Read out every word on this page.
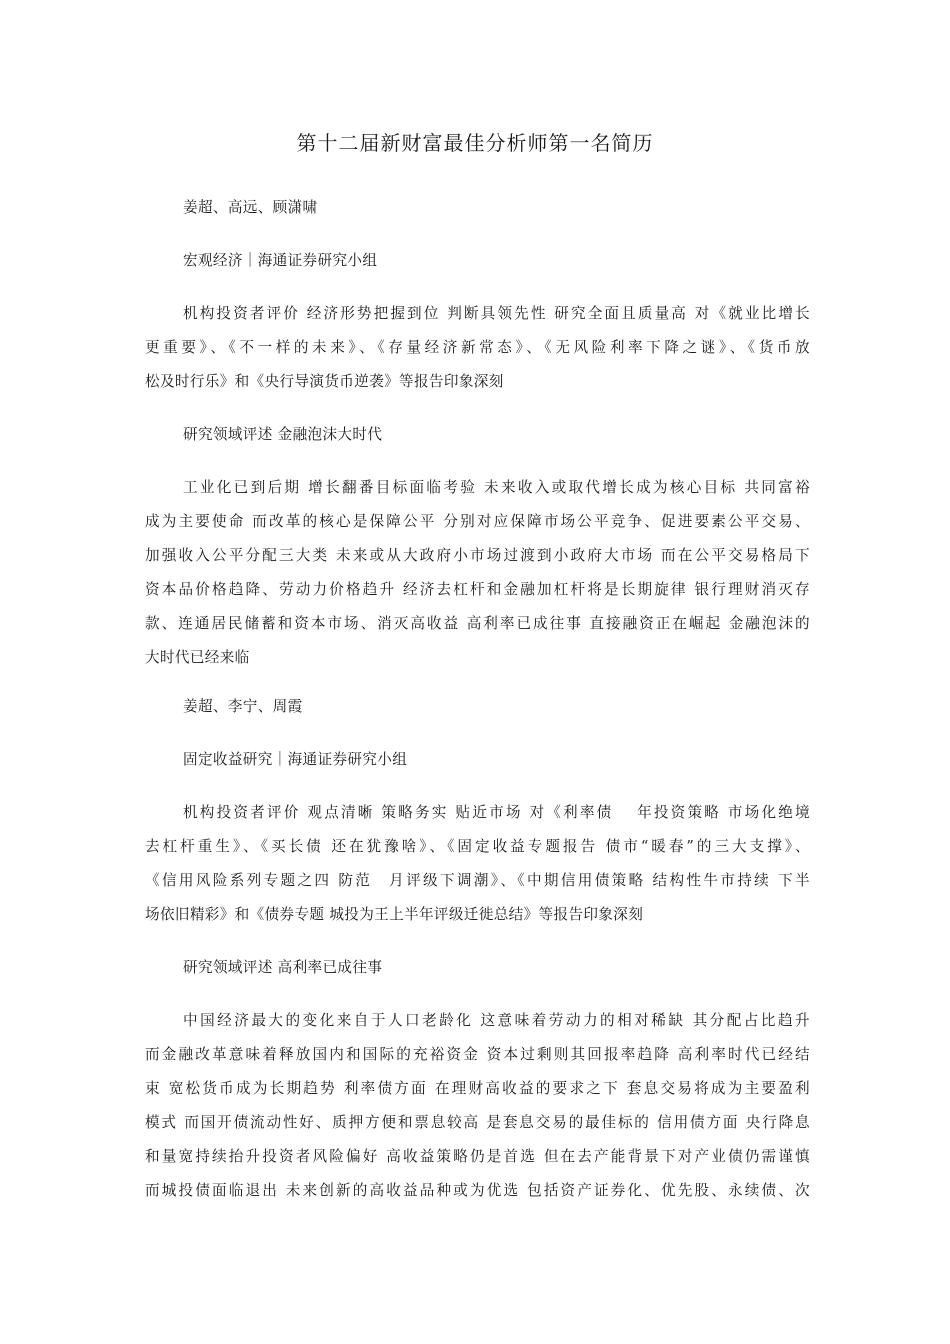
第十二届新财富最佳分析师第一名简历

姜超、高远、顾潇啸

宏观经济｜海通证券研究小组

机构投资者评价 经济形势把握到位 判断具领先性 研究全面且质量高 对《就业比增长

更重要》、《不一样的未来》、《存量经济新常态》、《无风险利率下降之谜》、《货币放

松及时行乐》和《央行导演货币逆袭》等报告印象深刻

研究领域评述 金融泡沫大时代

工业化已到后期 增长翻番目标面临考验 未来收入或取代增长成为核心目标 共同富裕

成为主要使命 而改革的核心是保障公平 分别对应保障市场公平竞争、促进要素公平交易、

加强收入公平分配三大类 未来或从大政府小市场过渡到小政府大市场 而在公平交易格局下

资本品价格趋降、劳动力价格趋升 经济去杠杆和金融加杠杆将是长期旋律 银行理财消灭存

款、连通居民储蓄和资本市场、消灭高收益 高利率已成往事 直接融资正在崛起 金融泡沫的

大时代已经来临

姜超、李宁、周霞

固定收益研究｜海通证券研究小组

机构投资者评价 观点清晰 策略务实 贴近市场 对《利率债　 年投资策略 市场化绝境

去杠杆重生》、《买长债 还在犹豫啥》、《固定收益专题报告 债市“暖春”的三大支撑》、

《信用风险系列专题之四 防范　月评级下调潮》、《中期信用债策略 结构性牛市持续 下半

场依旧精彩》和《债券专题 城投为王上半年评级迁徙总结》等报告印象深刻

研究领域评述 高利率已成往事

中国经济最大的变化来自于人口老龄化 这意味着劳动力的相对稀缺 其分配占比趋升

而金融改革意味着释放国内和国际的充裕资金 资本过剩则其回报率趋降 高利率时代已经结

束 宽松货币成为长期趋势 利率债方面 在理财高收益的要求之下 套息交易将成为主要盈利

模式 而国开债流动性好、质押方便和票息较高 是套息交易的最佳标的 信用债方面 央行降息

和量宽持续抬升投资者风险偏好 高收益策略仍是首选 但在去产能背景下对产业债仍需谨慎

而城投债面临退出 未来创新的高收益品种或为优选 包括资产证券化、优先股、永续债、次
